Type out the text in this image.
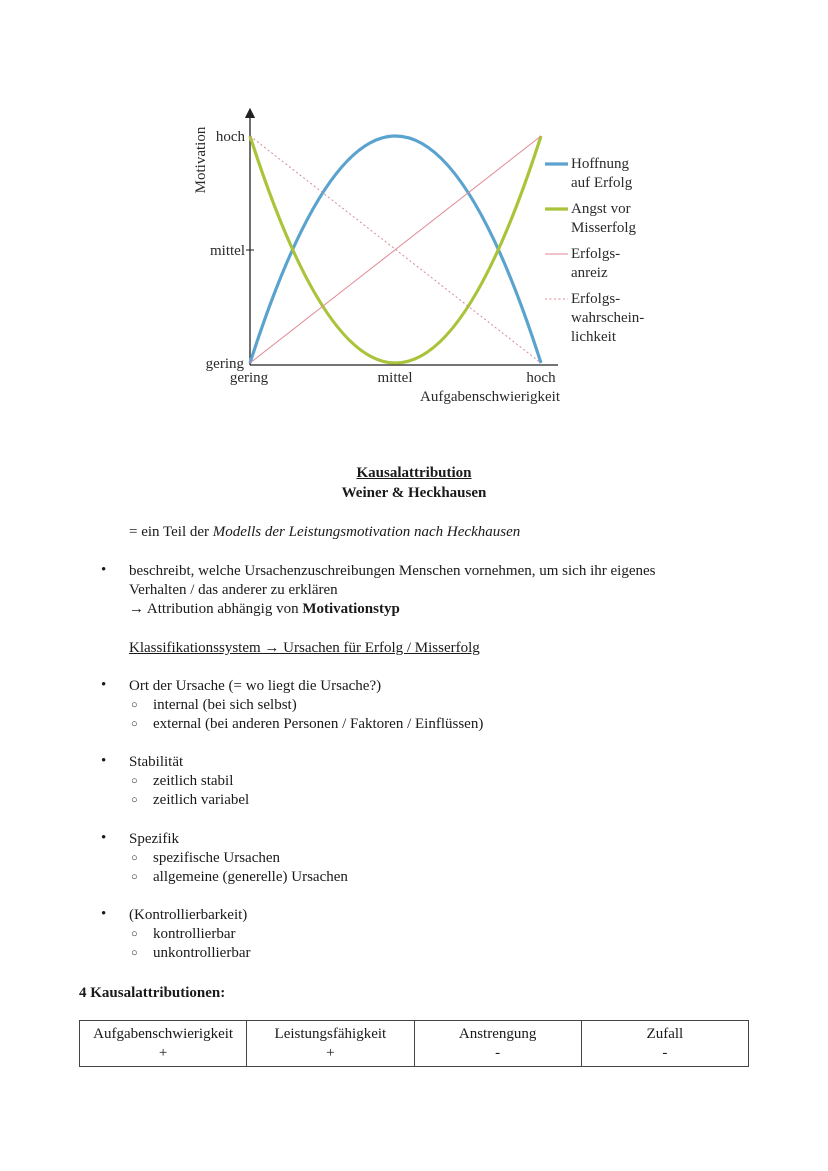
Motivation hoch
mittel
gering
gering	mittel	hoch
Aufgabenschwierigkeit
Hoffnung
auf Erfolg
Angst vor
Misserfolg
Erfolgs-
anreiz
Erfolgs-
wahrschein-
lichkeit
Kausalattribution
Weiner & Heckhausen
= ein Teil der Modells der Leistungsmotivation nach Heckhausen
• beschreibt, welche Ursachenzuschreibungen Menschen vornehmen, um sich ihr eigenes
Verhalten / das anderer zu erklären
→ Attribution abhängig von Motivationstyp
Klassifikationssystem → Ursachen für Erfolg / Misserfolg
• Ort der Ursache (= wo liegt die Ursache?)
○ internal (bei sich selbst)
○ external (bei anderen Personen / Faktoren / Einflüssen)
• Stabilität
○ zeitlich stabil
○ zeitlich variabel
• Spezifik
○ spezifische Ursachen
○ allgemeine (generelle) Ursachen
• (Kontrollierbarkeit)
○ kontrollierbar
○ unkontrollierbar
4 Kausalattributionen:
Aufgabenschwierigkeit
+

Leistungsfähigkeit
+

Anstrengung
-

Zufall
-
